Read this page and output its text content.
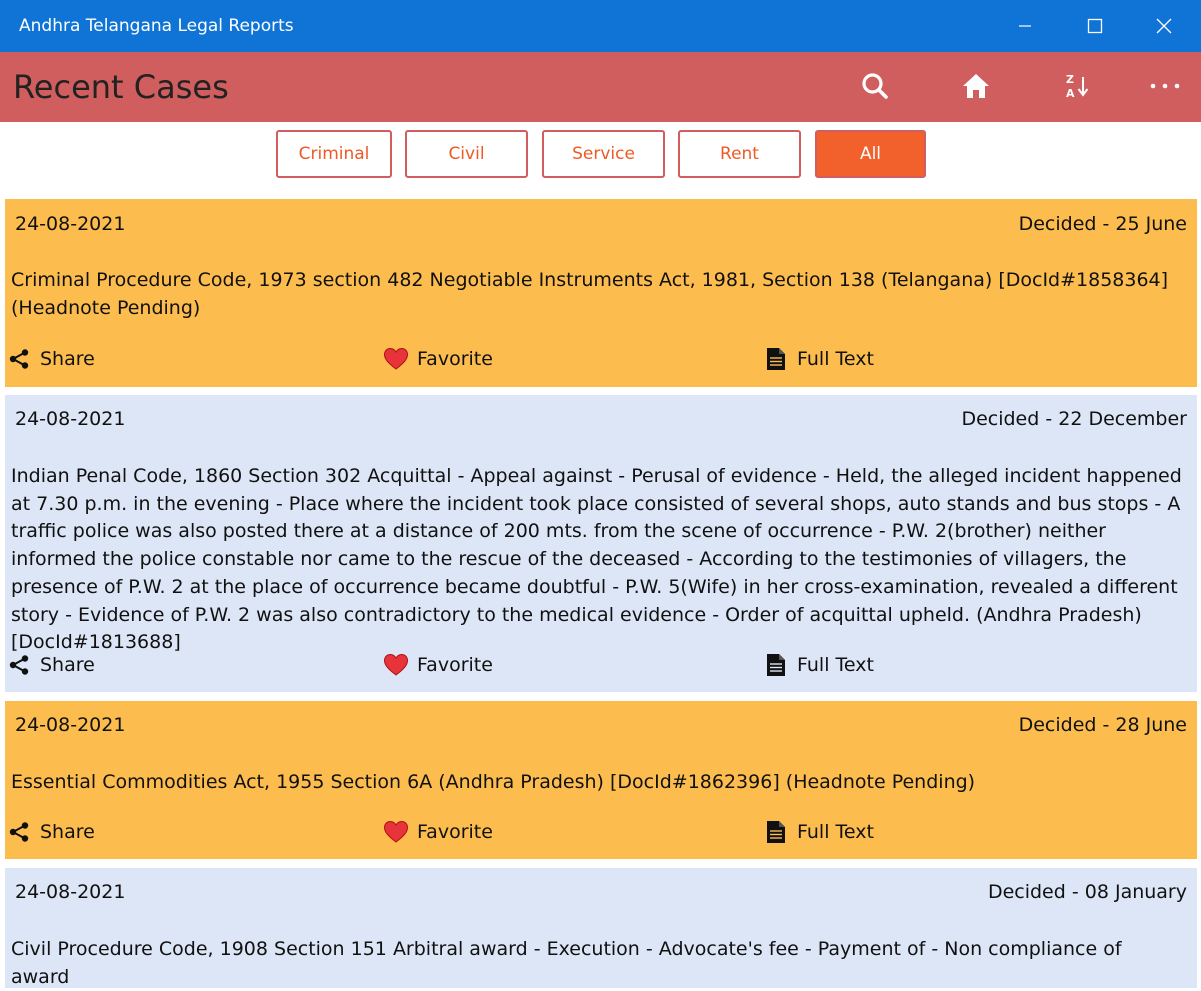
Andhra Telangana Legal Reports
Recent Cases	Z
A
Criminal	Civil	Service	Rent	All
24-08-2021	Decided - 25 June
Criminal Procedure Code, 1973 section 482 Negotiable Instruments Act, 1981, Section 138 (Telangana) [DocId#1858364] (Headnote Pending)
Share	Favorite	Full Text
24-08-2021	Decided - 22 December
Indian Penal Code, 1860 Section 302 Acquittal - Appeal against - Perusal of evidence - Held, the alleged incident happened at 7.30 p.m. in the evening - Place where the incident took place consisted of several shops, auto stands and bus stops - A traffic police was also posted there at a distance of 200 mts. from the scene of occurrence - P.W. 2(brother) neither informed the police constable nor came to the rescue of the deceased - According to the testimonies of villagers, the presence of P.W. 2 at the place of occurrence became doubtful - P.W. 5(Wife) in her cross-examination, revealed a different story - Evidence of P.W. 2 was also contradictory to the medical evidence - Order of acquittal upheld. (Andhra Pradesh) [DocId#1813688]
Share	Favorite	Full Text
24-08-2021	Decided - 28 June
Essential Commodities Act, 1955 Section 6A (Andhra Pradesh) [DocId#1862396] (Headnote Pending)
Share	Favorite	Full Text
24-08-2021	Decided - 08 January
Civil Procedure Code, 1908 Section 151 Arbitral award - Execution - Advocate's fee - Payment of - Non compliance of award
